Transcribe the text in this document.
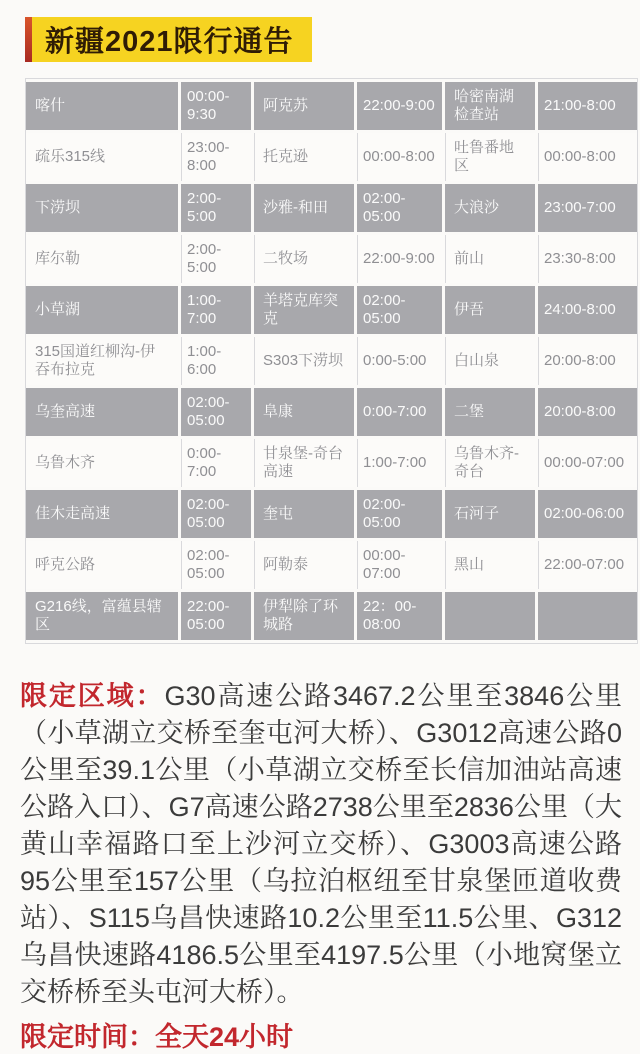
新疆2021限行通告
喀什	00:00-9:30	阿克苏	22:00-9:00	哈密南湖检查站	21:00-8:00
疏乐315线	23:00-8:00	托克逊	00:00-8:00	吐鲁番地区	00:00-8:00
下涝坝	2:00-5:00	沙雅-和田	02:00-05:00	大浪沙	23:00-7:00
库尔勒	2:00-5:00	二牧场	22:00-9:00	前山	23:30-8:00
小草湖	1:00-7:00	羊塔克库突克	02:00-05:00	伊吾	24:00-8:00
315国道红柳沟-伊吞布拉克	1:00-6:00	S303下涝坝	0:00-5:00	白山泉	20:00-8:00
乌奎高速	02:00-05:00	阜康	0:00-7:00	二堡	20:00-8:00
乌鲁木齐	0:00-7:00	甘泉堡-奇台高速	1:00-7:00	乌鲁木齐-奇台	00:00-07:00
佳木走高速	02:00-05:00	奎屯	02:00-05:00	石河子	02:00-06:00
呼克公路	02:00-05:00	阿勒泰	00:00-07:00	黑山	22:00-07:00
G216线，富蕴县辖区	22:00-05:00	伊犁除了环城路	22：00-08:00		

限定区域：G30高速公路3467.2公里至3846公里（小草湖立交桥至奎屯河大桥）、G3012高速公路0公里至39.1公里（小草湖立交桥至长信加油站高速公路入口）、G7高速公路2738公里至2836公里（大黄山幸福路口至上沙河立交桥）、G3003高速公路95公里至157公里（乌拉泊枢纽至甘泉堡匝道收费站）、S115乌昌快速路10.2公里至11.5公里、G312乌昌快速路4186.5公里至4197.5公里（小地窝堡立交桥桥至头屯河大桥）。

限定时间：全天24小时
